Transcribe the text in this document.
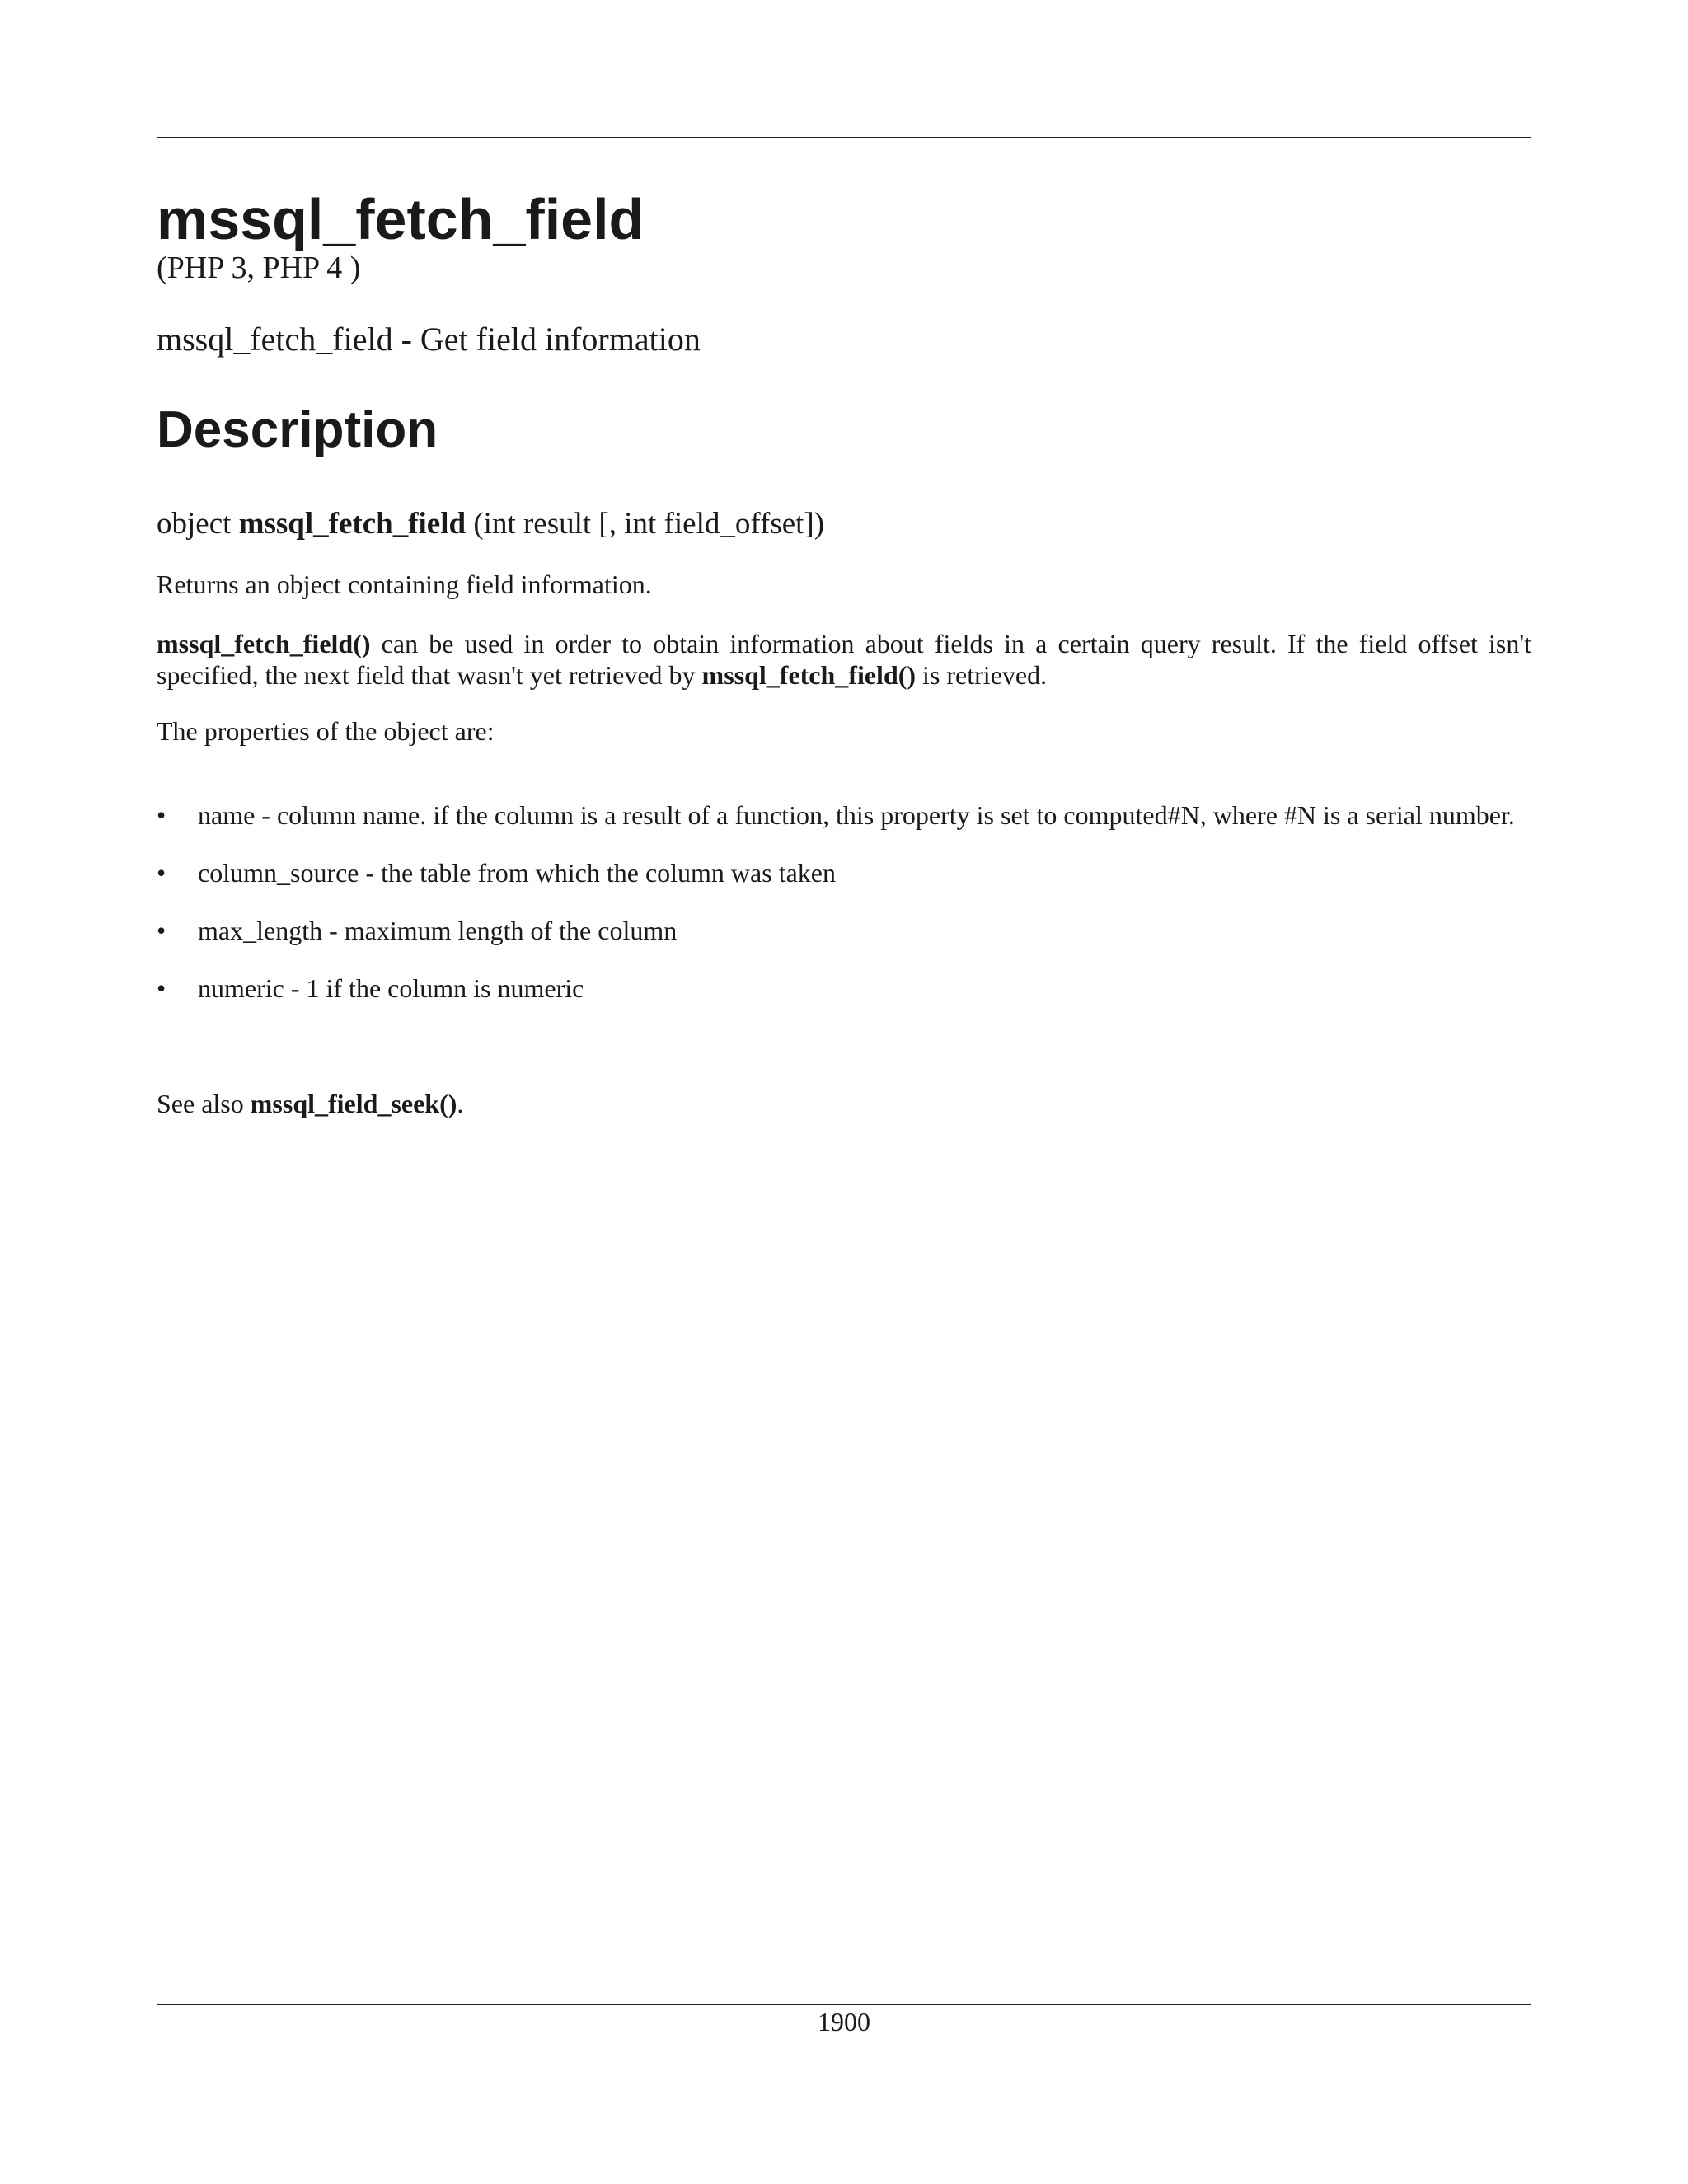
mssql_fetch_field

(PHP 3, PHP 4 )

mssql_fetch_field - Get field information

Description

object mssql_fetch_field (int result [, int field_offset])

Returns an object containing field information.

mssql_fetch_field() can be used in order to obtain information about fields in a certain query result. If the field offset isn't specified, the next field that wasn't yet retrieved by mssql_fetch_field() is retrieved.

The properties of the object are:

• name - column name. if the column is a result of a function, this property is set to computed#N, where #N is a serial number.
• column_source - the table from which the column was taken
• max_length - maximum length of the column
• numeric - 1 if the column is numeric

See also mssql_field_seek().

1900
